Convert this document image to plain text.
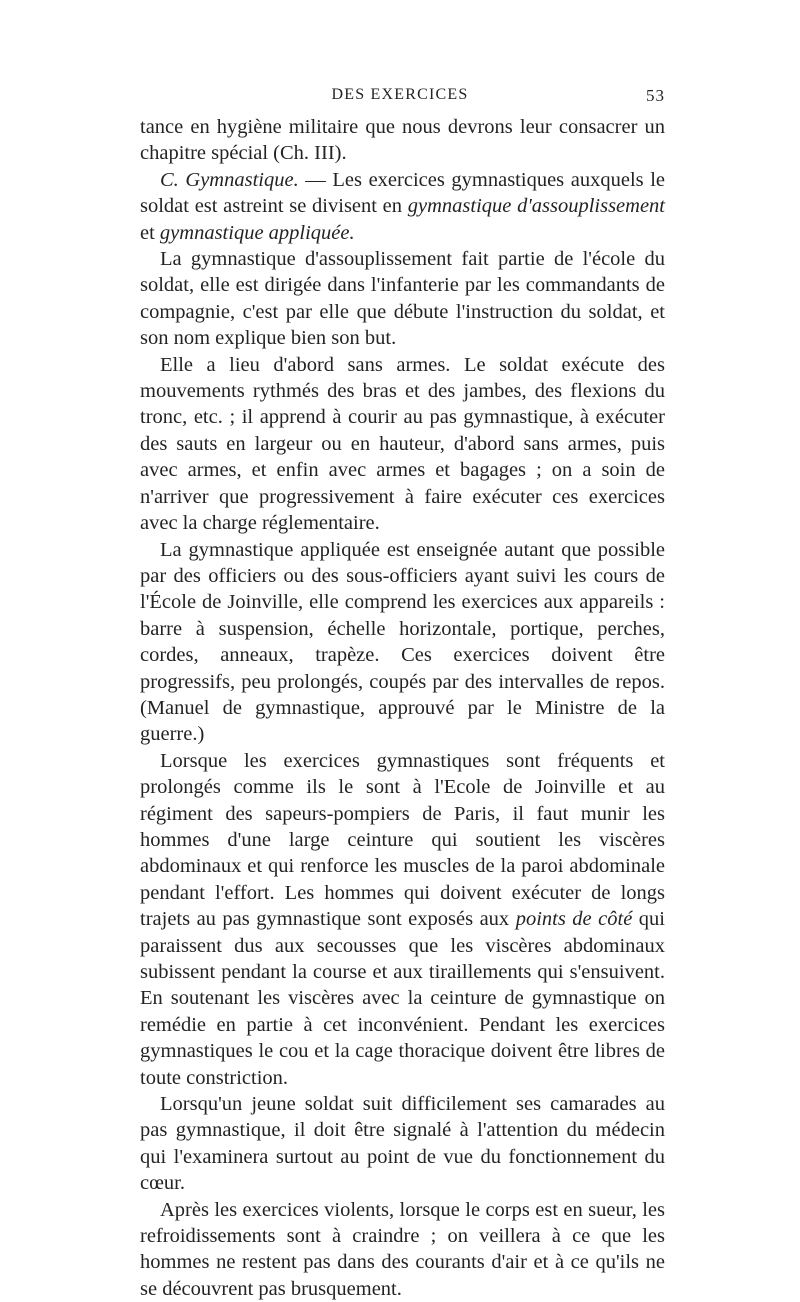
DES EXERCICES	53

tance en hygiène militaire que nous devrons leur consacrer un chapitre spécial (Ch. III).

C. Gymnastique. — Les exercices gymnastiques auxquels le soldat est astreint se divisent en gymnastique d'assouplissement et gymnastique appliquée.

La gymnastique d'assouplissement fait partie de l'école du soldat, elle est dirigée dans l'infanterie par les commandants de compagnie, c'est par elle que débute l'instruction du soldat, et son nom explique bien son but.

Elle a lieu d'abord sans armes. Le soldat exécute des mouvements rythmés des bras et des jambes, des flexions du tronc, etc. ; il apprend à courir au pas gymnastique, à exécuter des sauts en largeur ou en hauteur, d'abord sans armes, puis avec armes, et enfin avec armes et bagages ; on a soin de n'arriver que progressivement à faire exécuter ces exercices avec la charge réglementaire.

La gymnastique appliquée est enseignée autant que possible par des officiers ou des sous-officiers ayant suivi les cours de l'École de Joinville, elle comprend les exercices aux appareils : barre à suspension, échelle horizontale, portique, perches, cordes, anneaux, trapèze. Ces exercices doivent être progressifs, peu prolongés, coupés par des intervalles de repos. (Manuel de gymnastique, approuvé par le Ministre de la guerre.)

Lorsque les exercices gymnastiques sont fréquents et prolongés comme ils le sont à l'Ecole de Joinville et au régiment des sapeurs-pompiers de Paris, il faut munir les hommes d'une large ceinture qui soutient les viscères abdominaux et qui renforce les muscles de la paroi abdominale pendant l'effort. Les hommes qui doivent exécuter de longs trajets au pas gymnastique sont exposés aux points de côté qui paraissent dus aux secousses que les viscères abdominaux subissent pendant la course et aux tiraillements qui s'ensuivent. En soutenant les viscères avec la ceinture de gymnastique on remédie en partie à cet inconvénient. Pendant les exercices gymnastiques le cou et la cage thoracique doivent être libres de toute constriction.

Lorsqu'un jeune soldat suit difficilement ses camarades au pas gymnastique, il doit être signalé à l'attention du médecin qui l'examinera surtout au point de vue du fonctionnement du cœur.

Après les exercices violents, lorsque le corps est en sueur, les refroidissements sont à craindre ; on veillera à ce que les hommes ne restent pas dans des courants d'air et à ce qu'ils ne se découvrent pas brusquement.
